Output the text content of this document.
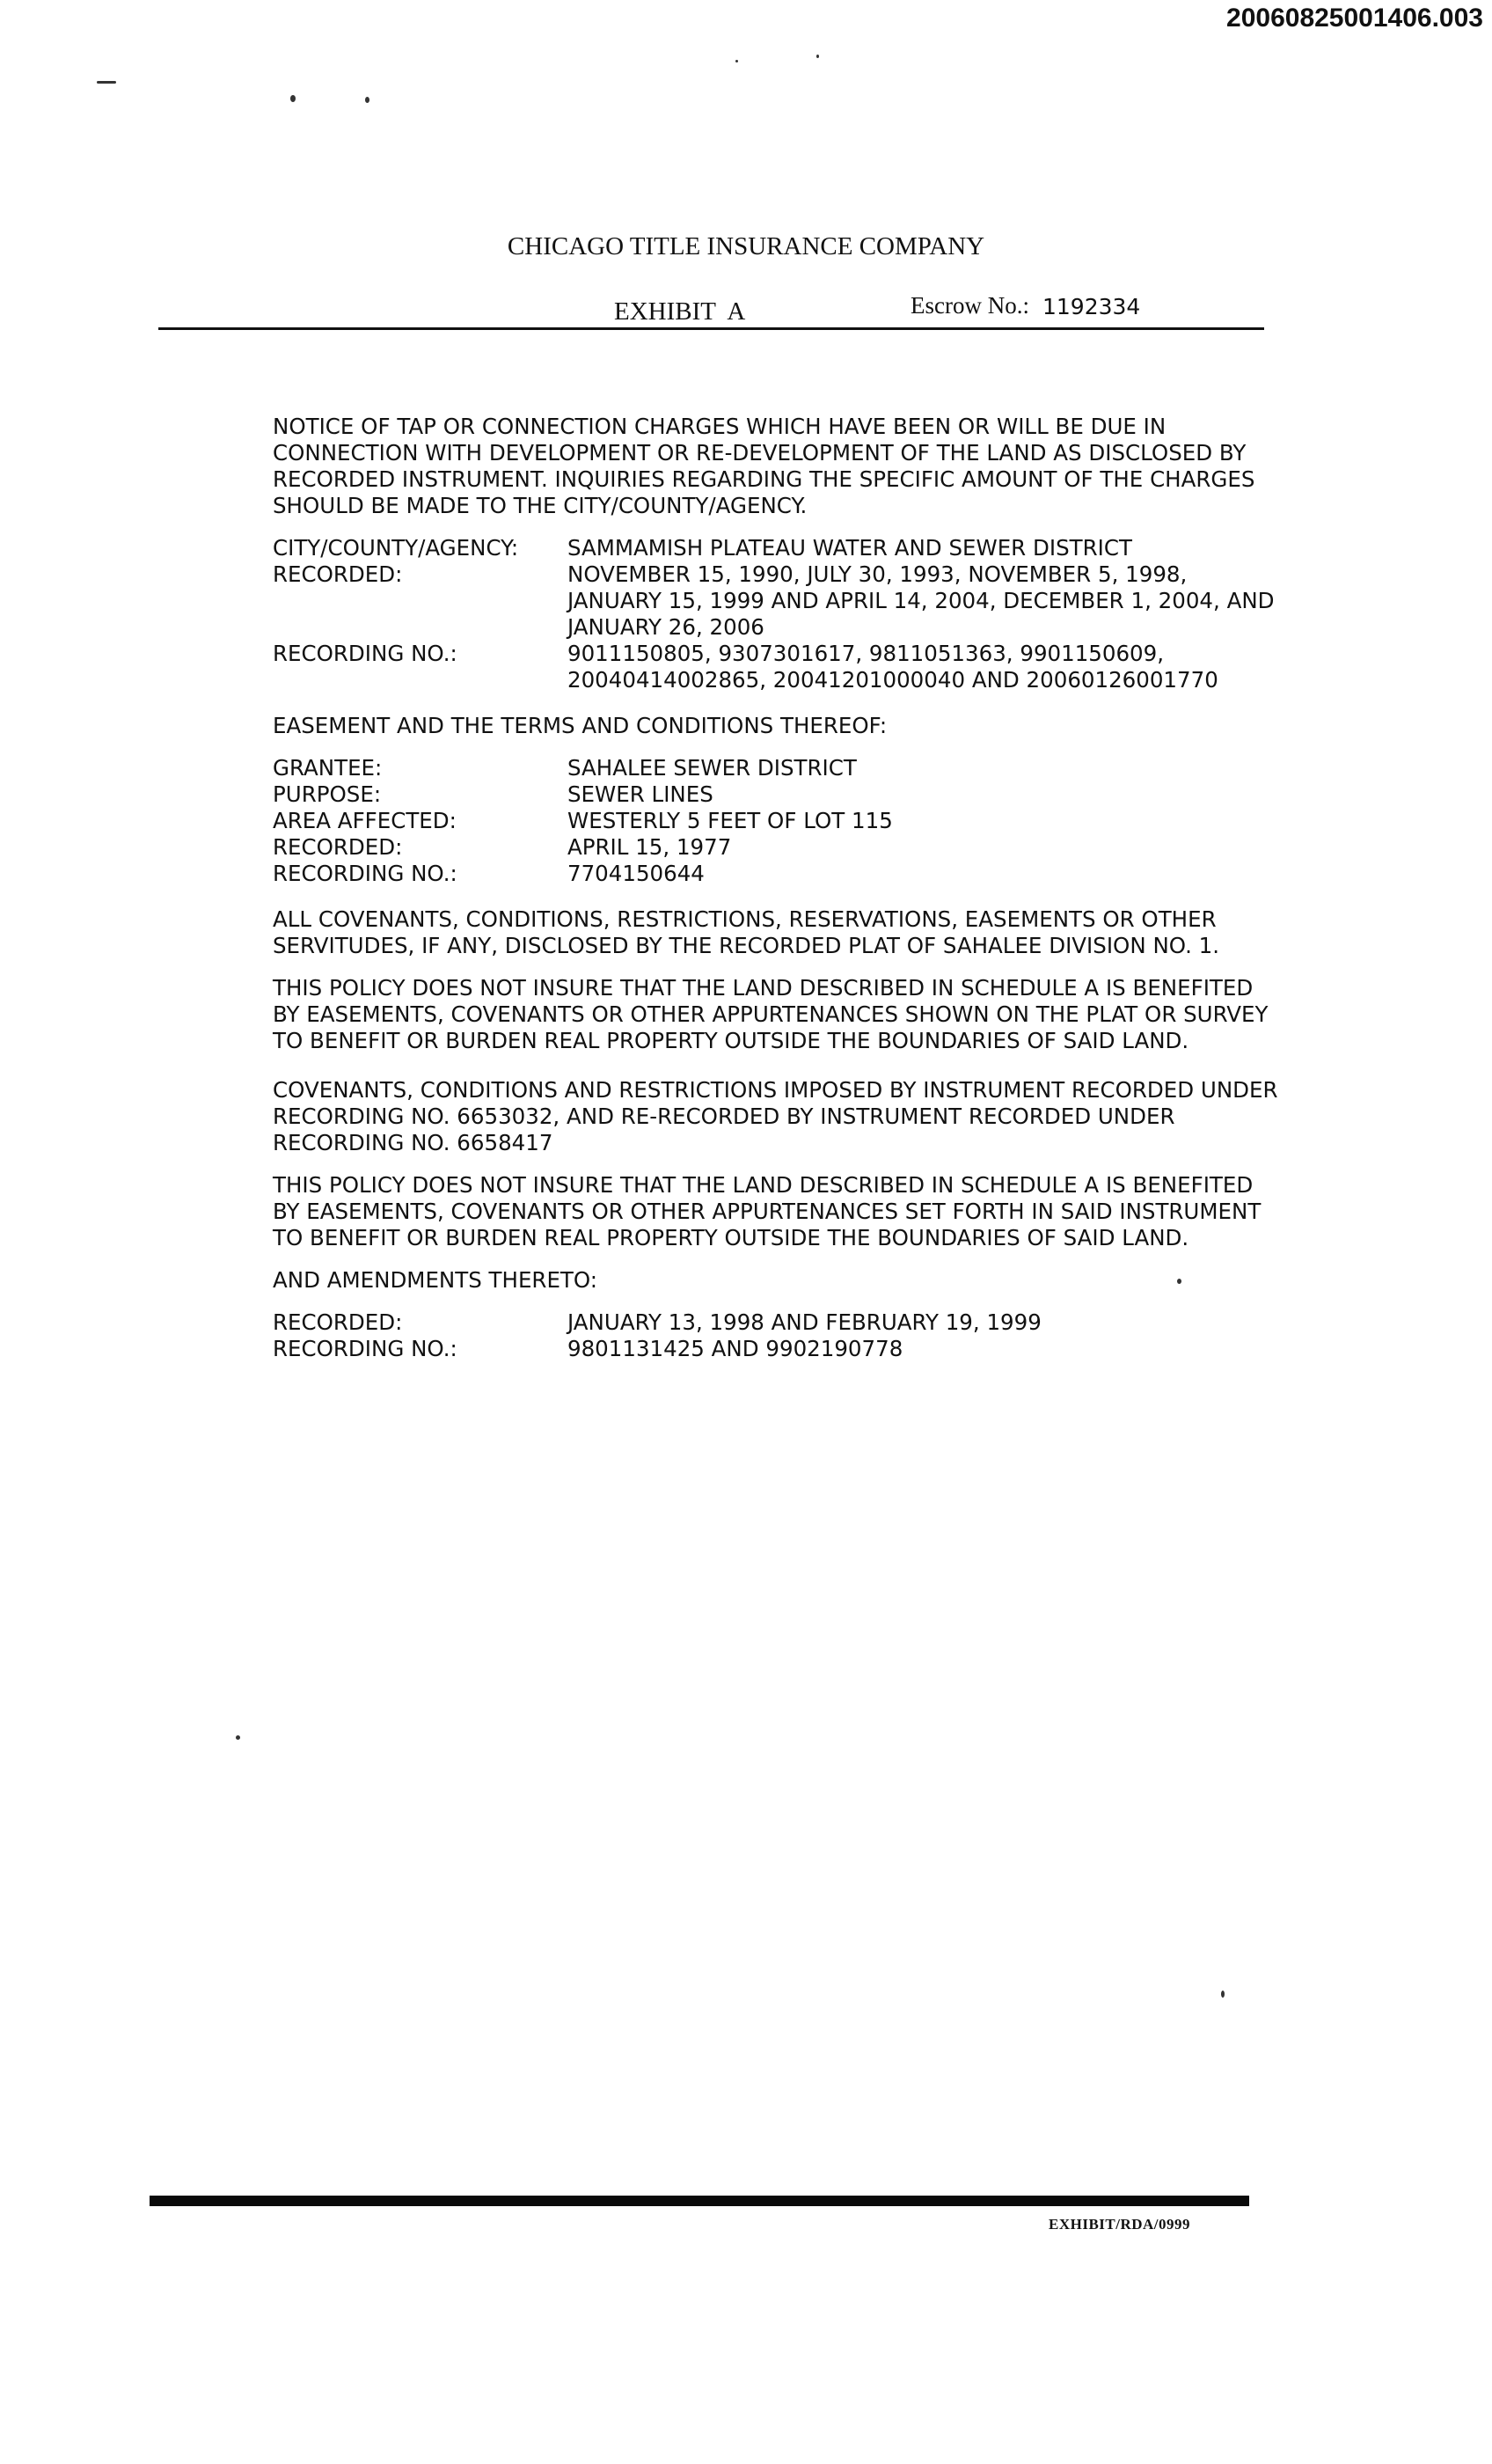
20060825001406.003
CHICAGO TITLE INSURANCE COMPANY
EXHIBIT  A	Escrow No.: 1192334

NOTICE OF TAP OR CONNECTION CHARGES WHICH HAVE BEEN OR WILL BE DUE IN CONNECTION WITH DEVELOPMENT OR RE-DEVELOPMENT OF THE LAND AS DISCLOSED BY RECORDED INSTRUMENT. INQUIRIES REGARDING THE SPECIFIC AMOUNT OF THE CHARGES SHOULD BE MADE TO THE CITY/COUNTY/AGENCY.

CITY/COUNTY/AGENCY:	SAMMAMISH PLATEAU WATER AND SEWER DISTRICT
RECORDED:	NOVEMBER 15, 1990, JULY 30, 1993, NOVEMBER 5, 1998, JANUARY 15, 1999 AND APRIL 14, 2004, DECEMBER 1, 2004, AND JANUARY 26, 2006
RECORDING NO.:	9011150805, 9307301617, 9811051363, 9901150609, 20040414002865, 20041201000040 AND 20060126001770
EASEMENT AND THE TERMS AND CONDITIONS THEREOF:
GRANTEE:	SAHALEE SEWER DISTRICT
PURPOSE:	SEWER LINES
AREA AFFECTED:	WESTERLY 5 FEET OF LOT 115
RECORDED:	APRIL 15, 1977
RECORDING NO.:	7704150644

ALL COVENANTS, CONDITIONS, RESTRICTIONS, RESERVATIONS, EASEMENTS OR OTHER SERVITUDES, IF ANY, DISCLOSED BY THE RECORDED PLAT OF SAHALEE DIVISION NO. 1.

THIS POLICY DOES NOT INSURE THAT THE LAND DESCRIBED IN SCHEDULE A IS BENEFITED BY EASEMENTS, COVENANTS OR OTHER APPURTENANCES SHOWN ON THE PLAT OR SURVEY TO BENEFIT OR BURDEN REAL PROPERTY OUTSIDE THE BOUNDARIES OF SAID LAND.

COVENANTS, CONDITIONS AND RESTRICTIONS IMPOSED BY INSTRUMENT RECORDED UNDER RECORDING NO. 6653032, AND RE-RECORDED BY INSTRUMENT RECORDED UNDER RECORDING NO. 6658417

THIS POLICY DOES NOT INSURE THAT THE LAND DESCRIBED IN SCHEDULE A IS BENEFITED BY EASEMENTS, COVENANTS OR OTHER APPURTENANCES SET FORTH IN SAID INSTRUMENT TO BENEFIT OR BURDEN REAL PROPERTY OUTSIDE THE BOUNDARIES OF SAID LAND.

AND AMENDMENTS THERETO:
RECORDED:	JANUARY 13, 1998 AND FEBRUARY 19, 1999
RECORDING NO.:	9801131425 AND 9902190778
EXHIBIT/RDA/0999
